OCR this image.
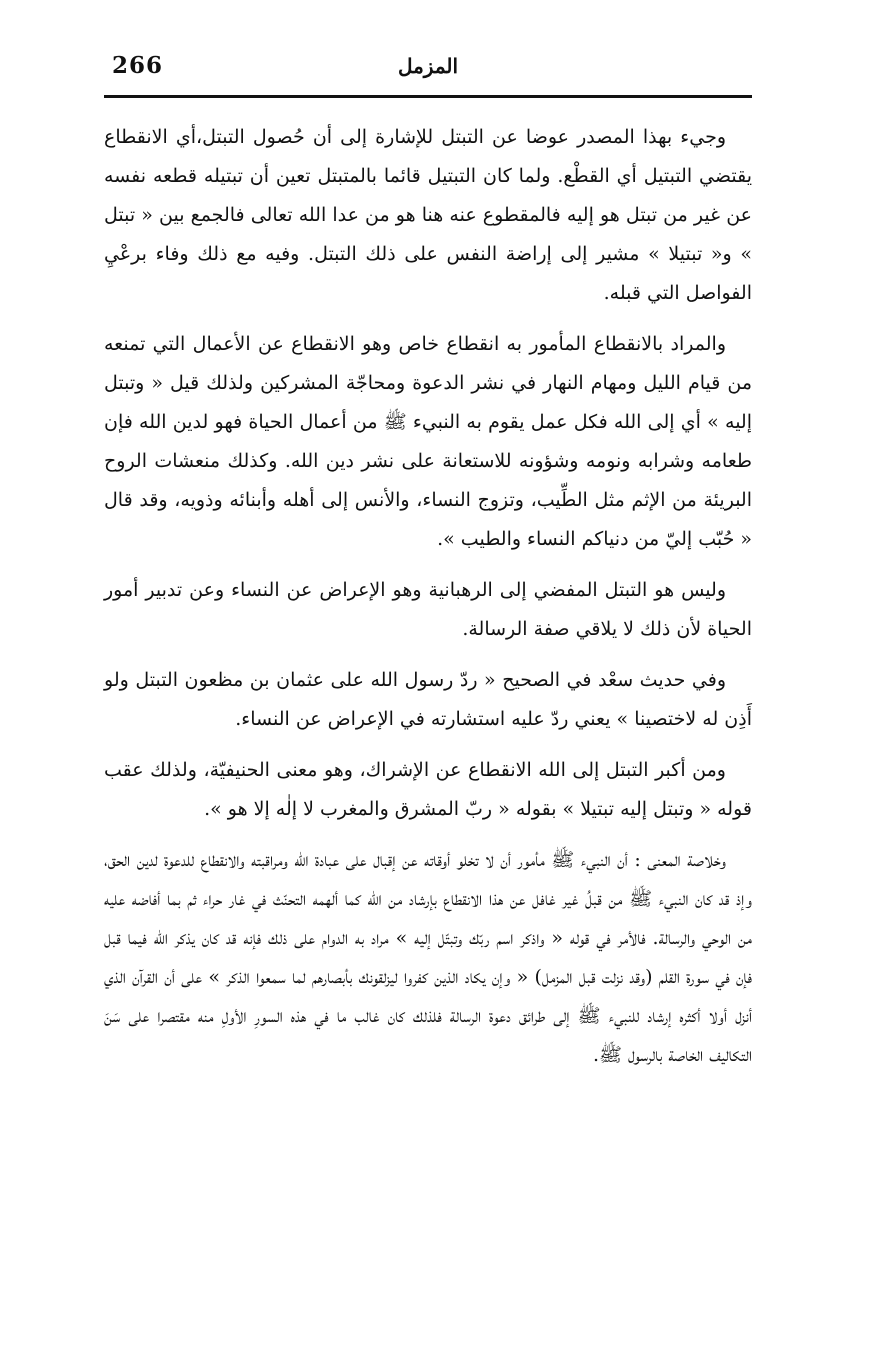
266	المزمل

وجيء بهذا المصدر عوضا عن التبتل للإشارة إلى أن حُصول التبتل،أي الانقطاع يقتضي التبتيل أي القطْع. ولما كان التبتيل قائما بالمتبتل تعين أن تبتيله قطعه نفسه عن غير من تبتل هو إليه فالمقطوع عنه هنا هو من عدا الله تعالى فالجمع بين « تبتل » و« تبتيلا » مشير إلى إراضة النفس على ذلك التبتل. وفيه مع ذلك وفاء برعْيِ الفواصل التي قبله.

والمراد بالانقطاع المأمور به انقطاع خاص وهو الانقطاع عن الأعمال التي تمنعه من قيام الليل ومهام النهار في نشر الدعوة ومحاجّة المشركين ولذلك قيل « وتبتل إليه » أي إلى الله فكل عمل يقوم به النبيء ﷺ من أعمال الحياة فهو لدين الله فإن طعامه وشرابه ونومه وشؤونه للاستعانة على نشر دين الله. وكذلك منعشات الروح البريئة من الإثم مثل الطِّيب، وتزوج النساء، والأنس إلى أهله وأبنائه وذويه، وقد قال « حُبّب إليّ من دنياكم النساء والطيب ».

وليس هو التبتل المفضي إلى الرهبانية وهو الإعراض عن النساء وعن تدبير أمور الحياة لأن ذلك لا يلاقي صفة الرسالة.

وفي حديث سعْد في الصحيح « ردّ رسول الله على عثمان بن مظعون التبتل ولو أَذِن له لاختصينا » يعني ردّ عليه استشارته في الإعراض عن النساء.

ومن أكبر التبتل إلى الله الانقطاع عن الإشراك، وهو معنى الحنيفيّة، ولذلك عقب قوله « وتبتل إليه تبتيلا » بقوله « ربّ المشرق والمغرب لا إلٰه إلا هو ».

وخلاصة المعنى : أن النبيء ﷺ مأمور أن لا تخلو أوقاته عن إقبال على عبادة الله ومراقبته والانقطاع للدعوة لدين الحق، وإذ قد كان النبيء ﷺ من قبلُ غير غافل عن هذا الانقطاع بإرشاد من الله كما ألهمه التحنّث في غار حراء ثم بما أفاضه عليه من الوحي والرسالة. فالأمر في قوله « واذكر اسم ربّك وتبتّل إليه » مراد به الدوام على ذلك فإنه قد كان يذكر الله فيما قبل فإن في سورة القلم (وقد نزلت قبل المزمل) « وإن يكاد الذين كفروا ليزلقونك بأبصارهم لما سمعوا الذكر » على أن القرآن الذي أنزل أولا أكثره إرشاد للنبيء ﷺ إلى طرائق دعوة الرسالة فلذلك كان غالب ما في هذه السورِ الأولِ منه مقتصرا على سَنَ التكاليف الخاصة بالرسول ﷺ.
